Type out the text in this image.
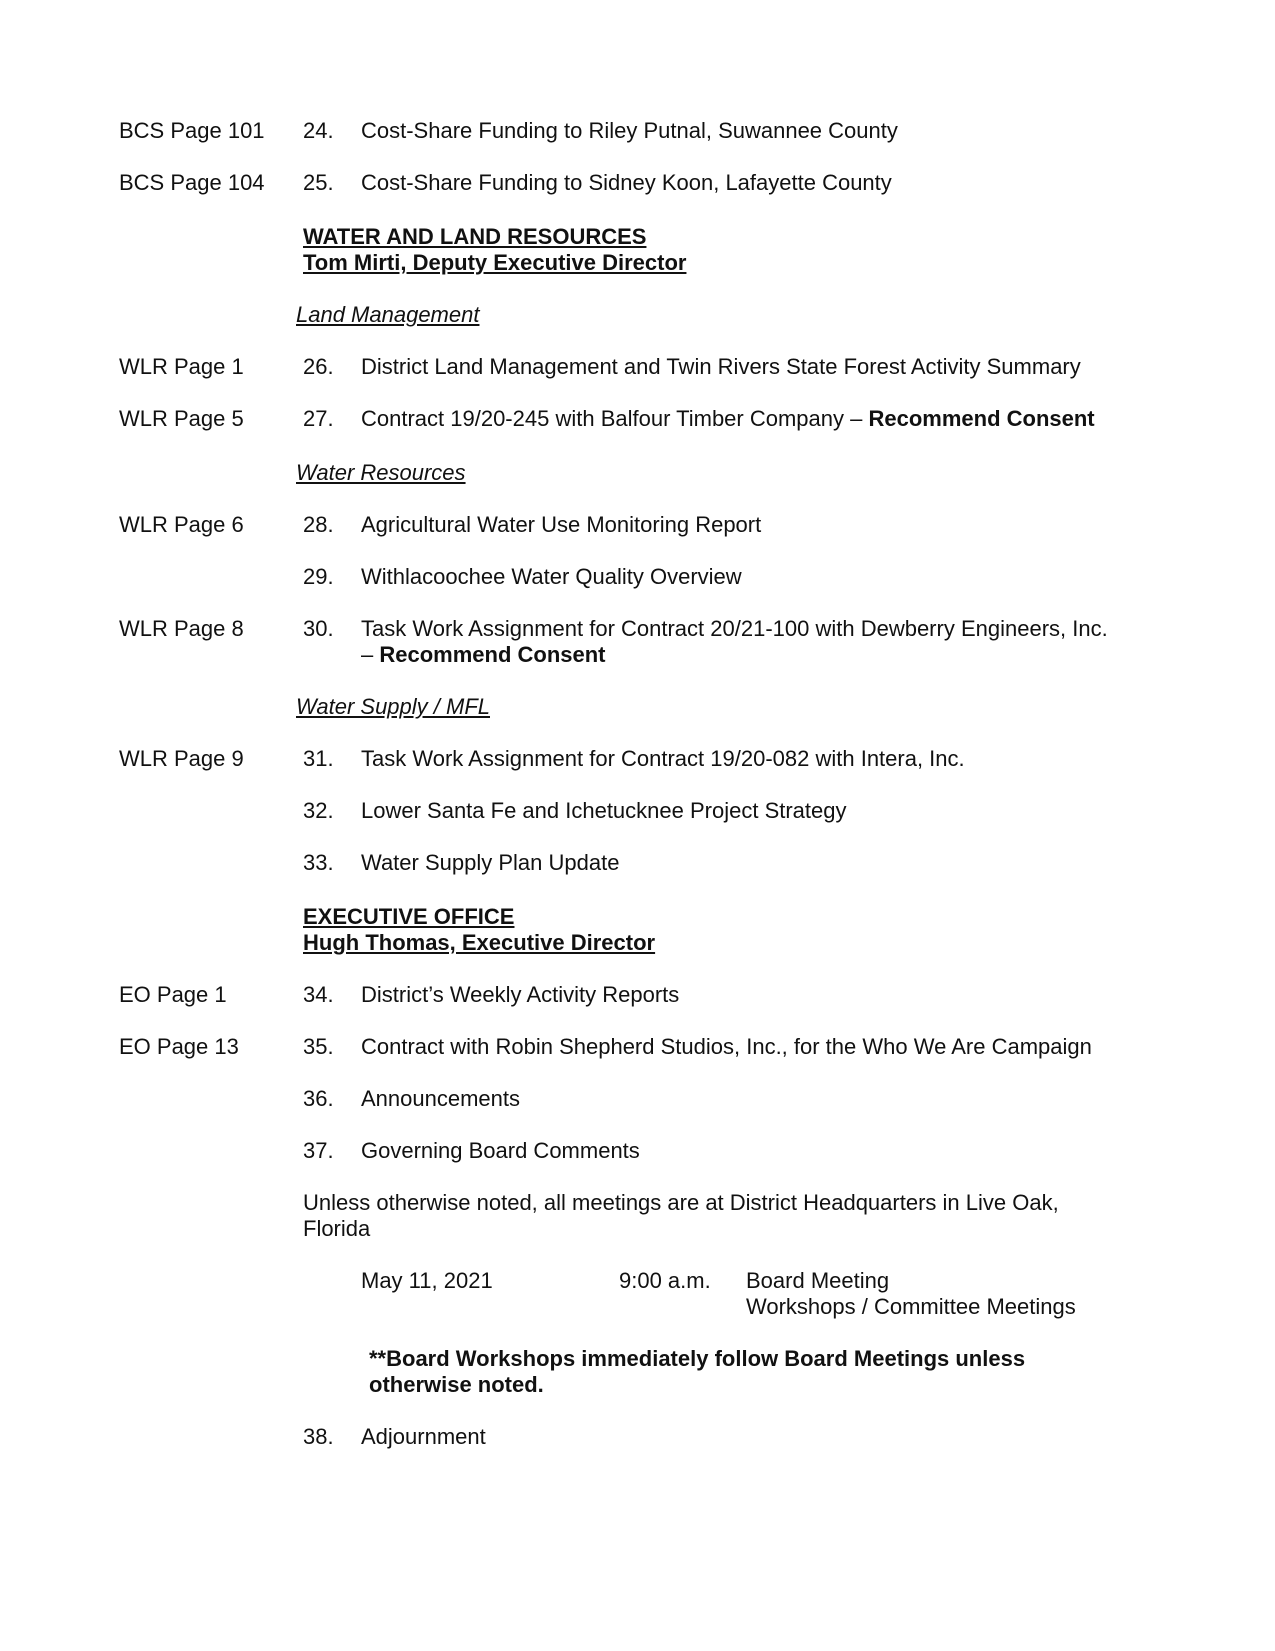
BCS Page 101 24. Cost-Share Funding to Riley Putnal, Suwannee County
BCS Page 104 25. Cost-Share Funding to Sidney Koon, Lafayette County
WATER AND LAND RESOURCES
Tom Mirti, Deputy Executive Director
Land Management
WLR Page 1	26. District Land Management and Twin Rivers State Forest Activity Summary
WLR Page 5	27. Contract 19/20-245 with Balfour Timber Company – Recommend Consent
Water Resources
WLR Page 6	28. Agricultural Water Use Monitoring Report
29. Withlacoochee Water Quality Overview
WLR Page 8	30. Task Work Assignment for Contract 20/21-100 with Dewberry Engineers, Inc.
– Recommend Consent
Water Supply / MFL
WLR Page 9	31. Task Work Assignment for Contract 19/20-082 with Intera, Inc.
32. Lower Santa Fe and Ichetucknee Project Strategy
33. Water Supply Plan Update
EXECUTIVE OFFICE
Hugh Thomas, Executive Director
EO Page 1	34. District’s Weekly Activity Reports
EO Page 13	35. Contract with Robin Shepherd Studios, Inc., for the Who We Are Campaign
36. Announcements
37. Governing Board Comments
Unless otherwise noted, all meetings are at District Headquarters in Live Oak, Florida
May 11, 2021	9:00 a.m. Board Meeting
Workshops / Committee Meetings
**Board Workshops immediately follow Board Meetings unless
otherwise noted.
38. Adjournment
